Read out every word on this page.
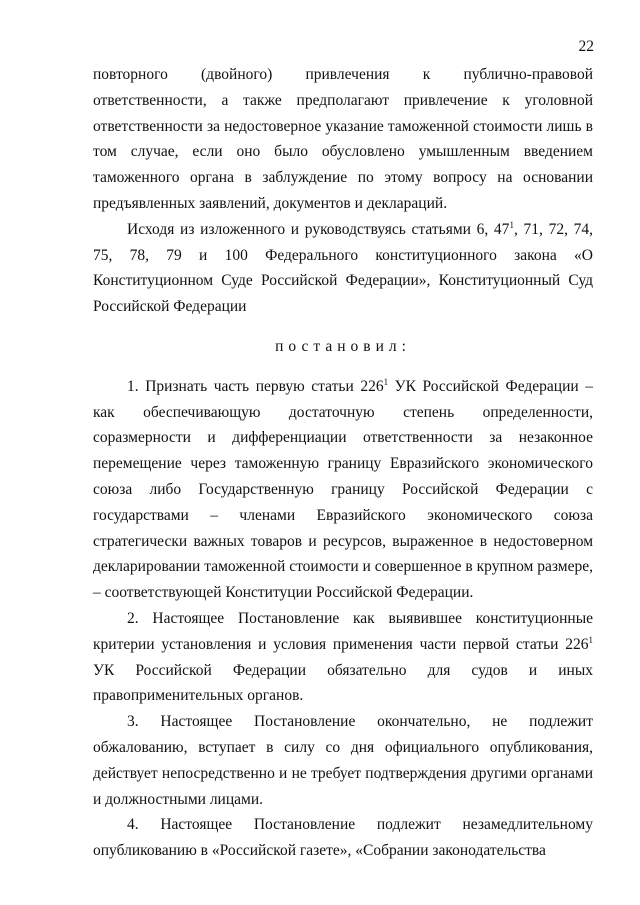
22

повторного (двойного) привлечения к публично-правовой ответственности, а также предполагают привлечение к уголовной ответственности за недостоверное указание таможенной стоимости лишь в том случае, если оно было обусловлено умышленным введением таможенного органа в заблуждение по этому вопросу на основании предъявленных заявлений, документов и деклараций.

Исходя из изложенного и руководствуясь статьями 6, $47^1$, 71, 72, 74, 75, 78, 79 и 100 Федерального конституционного закона «О Конституционном Суде Российской Федерации», Конституционный Суд Российской Федерации

постановил:

1. Признать часть первую статьи $226^1$ УК Российской Федерации – как обеспечивающую достаточную степень определенности, соразмерности и дифференциации ответственности за незаконное перемещение через таможенную границу Евразийского экономического союза либо Государственную границу Российской Федерации с государствами – членами Евразийского экономического союза стратегически важных товаров и ресурсов, выраженное в недостоверном декларировании таможенной стоимости и совершенное в крупном размере, – соответствующей Конституции Российской Федерации.

2. Настоящее Постановление как выявившее конституционные критерии установления и условия применения части первой статьи $226^1$ УК Российской Федерации обязательно для судов и иных правоприменительных органов.

3. Настоящее Постановление окончательно, не подлежит обжалованию, вступает в силу со дня официального опубликования, действует непосредственно и не требует подтверждения другими органами и должностными лицами.

4. Настоящее Постановление подлежит незамедлительному опубликованию в «Российской газете», «Собрании законодательства
